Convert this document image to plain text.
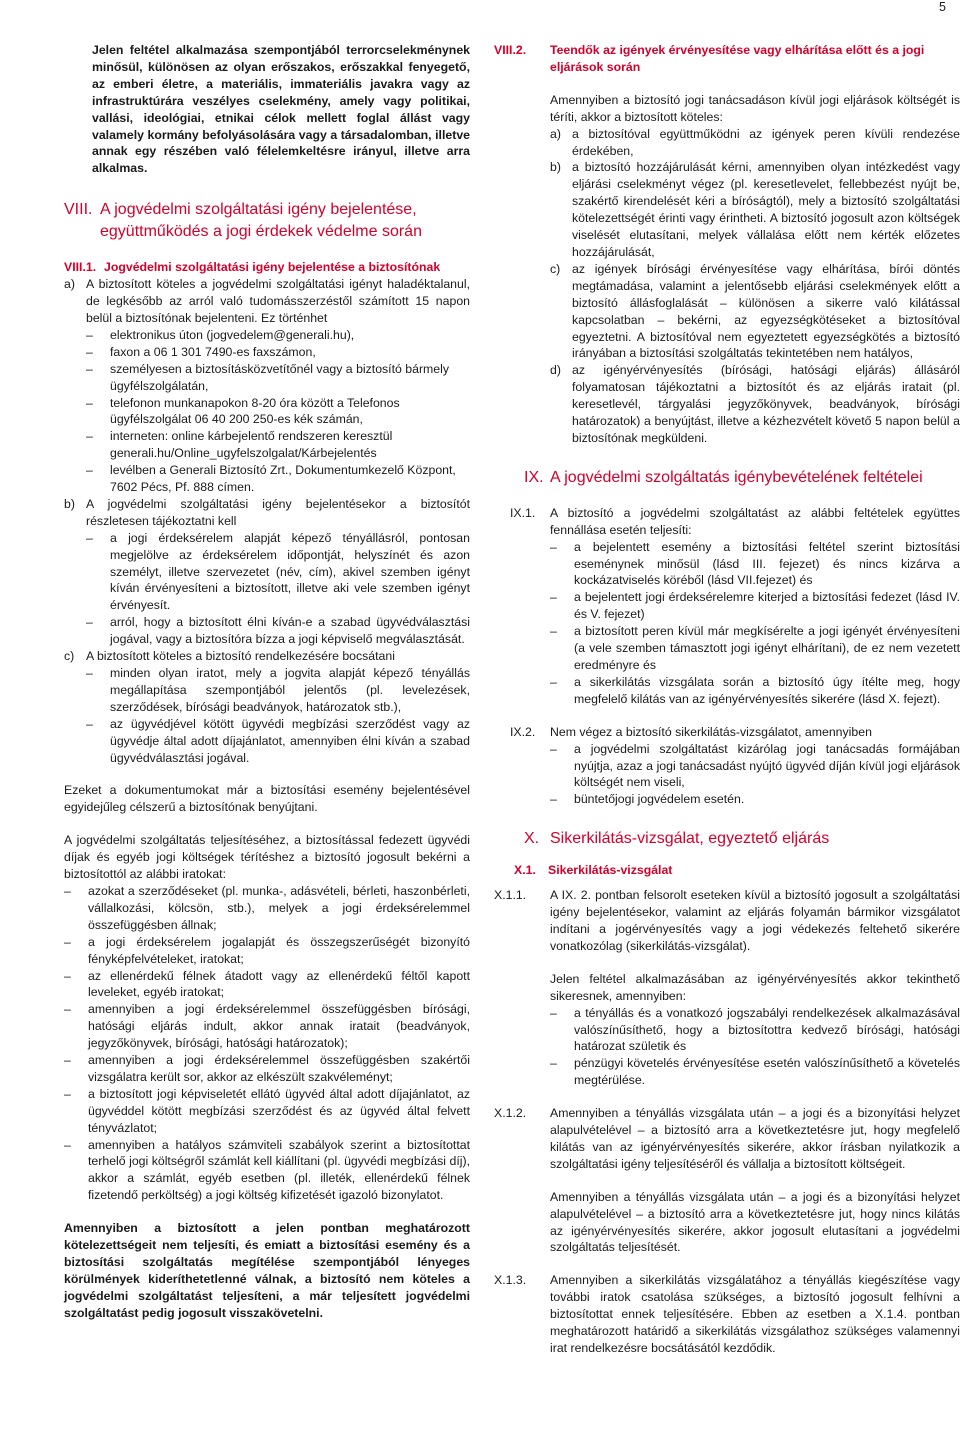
5

Jelen feltétel alkalmazása szempontjából terrorcselekménynek minősül, különösen az olyan erőszakos, erőszakkal fenyegető, az emberi életre, a materiális, immateriális javakra vagy az infrastruktúrára veszélyes cselekmény, amely vagy politikai, vallási, ideológiai, etnikai célok mellett foglal állást vagy valamely kormány befolyásolására vagy a társadalomban, illetve annak egy részében való félelemkeltésre irányul, illetve arra alkalmas.

VIII. A jogvédelmi szolgáltatási igény bejelentése, együttműködés a jogi érdekek védelme során
VIII.1. Jogvédelmi szolgáltatási igény bejelentése a biztosítónak
a) A biztosított köteles a jogvédelmi szolgáltatási igényt haladéktalanul, de legkésőbb az arról való tudomásszerzéstől számított 15 napon belül a biztosítónak bejelenteni. Ez történhet

–	elektronikus úton (jogvedelem@generali.hu),
–	faxon a 06 1 301 7490-es faxszámon,
–	személyesen a biztosításközvetítőnél vagy a biztosító bármely ügyfélszolgálatán,
–	telefonon munkanapokon 8-20 óra között a Telefonos ügyfélszolgálat 06 40 200 250-es kék számán,
–	interneten: online kárbejelentő rendszeren keresztül generali.hu/Online_ugyfelszolgalat/Kárbejelentés
–	levélben a Generali Biztosító Zrt., Dokumentumkezelő Központ, 7602 Pécs, Pf. 888 címen.
b) A jogvédelmi szolgáltatási igény bejelentésekor a biztosítót részletesen tájékoztatni kell

–	a jogi érdeksérelem alapját képező tényállásról, pontosan megjelölve az érdeksérelem időpontját, helyszínét és azon személyt, illetve szervezetet (név, cím), akivel szemben igényt kíván érvényesíteni a biztosított, illetve aki vele szemben igényt érvényesít.
–	arról, hogy a biztosított élni kíván-e a szabad ügyvédválasztási jogával, vagy a biztosítóra bízza a jogi képviselő megválasztását.
c) A biztosított köteles a biztosító rendelkezésére bocsátani

–	minden olyan iratot, mely a jogvita alapját képező tényállás megállapítása szempontjából jelentős (pl. levelezések, szerződések, bírósági beadványok, határozatok stb.),
–	az ügyvédjével kötött ügyvédi megbízási szerződést vagy az ügyvédje által adott díjajánlatot, amennyiben élni kíván a szabad ügyvédválasztási jogával.

Ezeket a dokumentumokat már a biztosítási esemény bejelentésével egyidejűleg célszerű a biztosítónak benyújtani.

A jogvédelmi szolgáltatás teljesítéséhez, a biztosítással fedezett ügyvédi díjak és egyéb jogi költségek térítéshez a biztosító jogosult bekérni a biztosítottól az alábbi iratokat:

–	azokat a szerződéseket (pl. munka-, adásvételi, bérleti, haszonbérleti, vállalkozási, kölcsön, stb.), melyek a jogi érdeksérelemmel összefüggésben állnak;
–	a jogi érdeksérelem jogalapját és összegszerűségét bizonyító fényképfelvételeket, iratokat;
–	az ellenérdekű félnek átadott vagy az ellenérdekű féltől kapott leveleket, egyéb iratokat;
–	amennyiben a jogi érdeksérelemmel összefüggésben bírósági, hatósági eljárás indult, akkor annak iratait (beadványok, jegyzőkönyvek, bírósági, hatósági határozatok);
–	amennyiben a jogi érdeksérelemmel összefüggésben szakértői vizsgálatra került sor, akkor az elkészült szakvéleményt;
–	a biztosított jogi képviseletét ellátó ügyvéd által adott díjajánlatot, az ügyvéddel kötött megbízási szerződést és az ügyvéd által felvett tényvázlatot;
–	amennyiben a hatályos számviteli szabályok szerint a biztosítottat terhelő jogi költségről számlát kell kiállítani (pl. ügyvédi megbízási díj), akkor a számlát, egyéb esetben (pl. illeték, ellenérdekű félnek fizetendő perköltség) a jogi költség kifizetését igazoló bizonylatot.

Amennyiben a biztosított a jelen pontban meghatározott kötelezettségeit nem teljesíti, és emiatt a biztosítási esemény és a biztosítási szolgáltatás megítélése szempontjából lényeges körülmények kideríthetetlenné válnak, a biztosító nem köteles a jogvédelmi szolgáltatást teljesíteni, a már teljesített jogvédelmi szolgáltatást pedig jogosult visszakövetelni.

VIII.2.	Teendők az igények érvényesítése vagy elhárítása előtt és a jogi eljárások során

Amennyiben a biztosító jogi tanácsadáson kívül jogi eljárások költségét is téríti, akkor a biztosított köteles:

a) a biztosítóval együttműködni az igények peren kívüli rendezése érdekében,
b) a biztosító hozzájárulását kérni, amennyiben olyan intézkedést vagy eljárási cselekményt végez (pl. keresetlevelet, fellebbezést nyújt be, szakértő kirendelését kéri a bíróságtól), mely a biztosító szolgáltatási kötelezettségét érinti vagy érintheti. A biztosító jogosult azon költségek viselését elutasítani, melyek vállalása előtt nem kérték előzetes hozzájárulását,
c) az igények bírósági érvényesítése vagy elhárítása, bírói döntés megtámadása, valamint a jelentősebb eljárási cselekmények előtt a biztosító állásfoglalását – különösen a sikerre való kilátással kapcsolatban – bekérni, az egyezségkötéseket a biztosítóval egyeztetni. A biztosítóval nem egyeztetett egyezségkötés a biztosító irányában a biztosítási szolgáltatás tekintetében nem hatályos,
d) az igényérvényesítés (bírósági, hatósági eljárás) állásáról folyamatosan tájékoztatni a biztosítót és az eljárás iratait (pl. keresetlevél, tárgyalási jegyzőkönyvek, beadványok, bírósági határozatok) a benyújtást, illetve a kézhezvételt követő 5 napon belül a biztosítónak megküldeni.
IX. A jogvédelmi szolgáltatás igénybevételének feltételei
IX.1.	A biztosító a jogvédelmi szolgáltatást az alábbi feltételek együttes fennállása esetén teljesíti:

–	a bejelentett esemény a biztosítási feltétel szerint biztosítási eseménynek minősül (lásd III. fejezet) és nincs kizárva a kockázatviselés köréből (lásd VII.fejezet) és
–	a bejelentett jogi érdeksérelemre kiterjed a biztosítási fedezet (lásd IV. és V. fejezet)
–	a biztosított peren kívül már megkísérelte a jogi igényét érvényesíteni (a vele szemben támasztott jogi igényt elhárítani), de ez nem vezetett eredményre és
–	a sikerkilátás vizsgálata során a biztosító úgy ítélte meg, hogy megfelelő kilátás van az igényérvényesítés sikerére (lásd X. fejezt).
IX.2.	Nem végez a biztosító sikerkilátás-vizsgálatot, amennyiben

–	a jogvédelmi szolgáltatást kizárólag jogi tanácsadás formájában nyújtja, azaz a jogi tanácsadást nyújtó ügyvéd díján kívül jogi eljárások költségét nem viseli,
–	büntetőjogi jogvédelem esetén.
X. Sikerkilátás-vizsgálat, egyeztető eljárás
X.1. Sikerkilátás-vizsgálat
X.1.1.	A IX. 2. pontban felsorolt eseteken kívül a biztosító jogosult a szolgáltatási igény bejelentésekor, valamint az eljárás folyamán bármikor vizsgálatot indítani a jogérvényesítés vagy a jogi védekezés feltehető sikerére vonatkozólag (sikerkilátás-vizsgálat).

Jelen feltétel alkalmazásában az igényérvényesítés akkor tekinthető sikeresnek, amennyiben:

–	a tényállás és a vonatkozó jogszabályi rendelkezések alkalmazásával valószínűsíthető, hogy a biztosítottra kedvező bírósági, hatósági határozat születik és
–	pénzügyi követelés érvényesítése esetén valószínűsíthető a követelés megtérülése.
X.1.2.	Amennyiben a tényállás vizsgálata után – a jogi és a bizonyítási helyzet alapulvételével – a biztosító arra a következtetésre jut, hogy megfelelő kilátás van az igényérvényesítés sikerére, akkor írásban nyilatkozik a szolgáltatási igény teljesítéséről és vállalja a biztosított költségeit.

Amennyiben a tényállás vizsgálata után – a jogi és a bizonyítási helyzet alapulvételével – a biztosító arra a következtetésre jut, hogy nincs kilátás az igényérvényesítés sikerére, akkor jogosult elutasítani a jogvédelmi szolgáltatás teljesítését.

X.1.3.	Amennyiben a sikerkilátás vizsgálatához a tényállás kiegészítése vagy további iratok csatolása szükséges, a biztosító jogosult felhívni a biztosítottat ennek teljesítésére. Ebben az esetben a X.1.4. pontban meghatározott határidő a sikerkilátás vizsgálathoz szükséges valamennyi irat rendelkezésre bocsátásától kezdődik.
